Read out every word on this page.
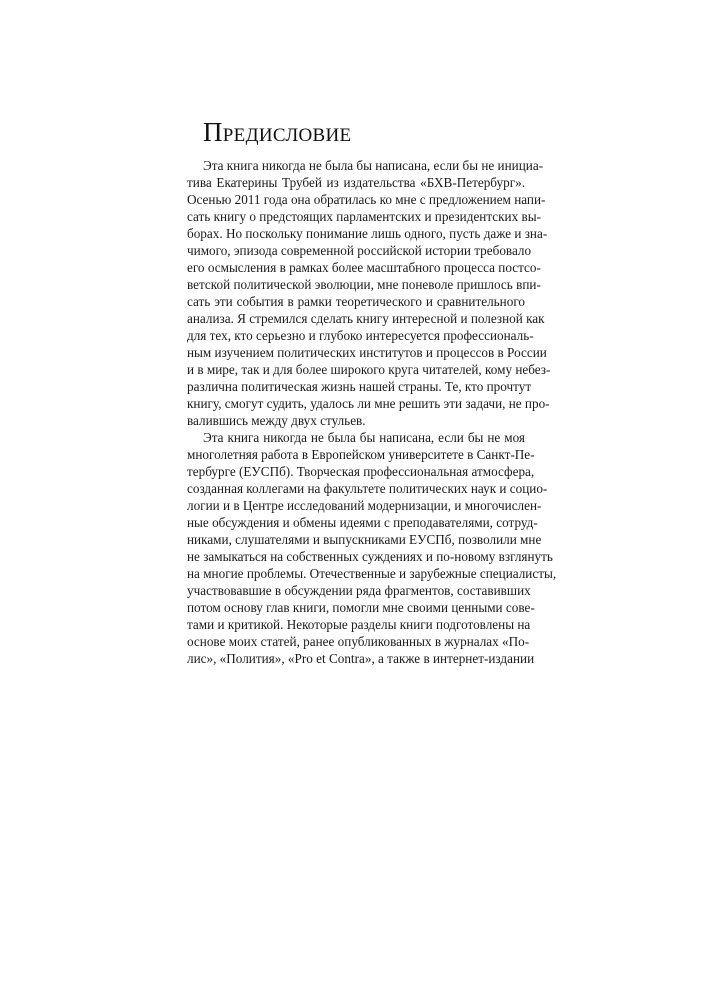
Предисловие

Эта книга никогда не была бы написана, если бы не инициа-
тива Екатерины Трубей из издательства «БХВ-Петербург».
Осенью 2011 года она обратилась ко мне с предложением напи-
сать книгу о предстоящих парламентских и президентских вы-
борах. Но поскольку понимание лишь одного, пусть даже и зна-
чимого, эпизода современной российской истории требовало
его осмысления в рамках более масштабного процесса постсо-
ветской политической эволюции, мне поневоле пришлось впи-
сать эти события в рамки теоретического и сравнительного
анализа. Я стремился сделать книгу интересной и полезной как
для тех, кто серьезно и глубоко интересуется профессиональ-
ным изучением политических институтов и процессов в России
и в мире, так и для более широкого круга читателей, кому небез-
различна политическая жизнь нашей страны. Те, кто прочтут
книгу, смогут судить, удалось ли мне решить эти задачи, не про-
валившись между двух стульев.

Эта книга никогда не была бы написана, если бы не моя
многолетняя работа в Европейском университете в Санкт-Пе-
тербурге (ЕУСПб). Творческая профессиональная атмосфера,
созданная коллегами на факультете политических наук и социо-
логии и в Центре исследований модернизации, и многочислен-
ные обсуждения и обмены идеями с преподавателями, сотруд-
никами, слушателями и выпускниками ЕУСПб, позволили мне
не замыкаться на собственных суждениях и по-новому взглянуть
на многие проблемы. Отечественные и зарубежные специалисты,
участвовавшие в обсуждении ряда фрагментов, составивших
потом основу глав книги, помогли мне своими ценными сове-
тами и критикой. Некоторые разделы книги подготовлены на
основе моих статей, ранее опубликованных в журналах «По-
лис», «Полития», «Pro et Contra», а также в интернет-издании
